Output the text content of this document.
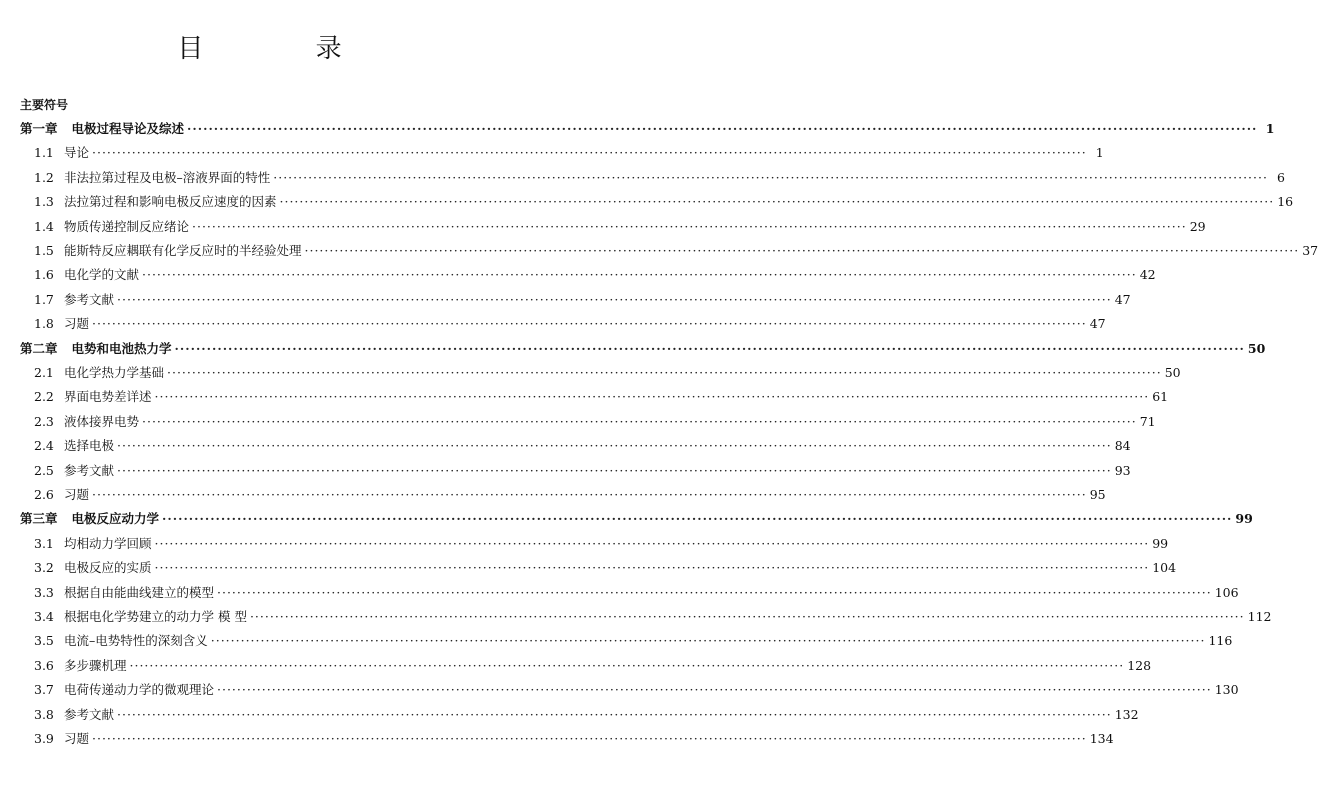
目 录
主要符号
第一章 电极过程导论及综述 ········································································································································································································ 1
1.1 导论 ········································································································································································································ 1
1.2 非法拉第过程及电极–溶液界面的特性 ········································································································································································································ 6
1.3 法拉第过程和影响电极反应速度的因素 ········································································································································································································ 16
1.4 物质传递控制反应绪论 ········································································································································································································ 29
1.5 能斯特反应耦联有化学反应时的半经验处理 ········································································································································································································ 37
1.6 电化学的文献 ········································································································································································································ 42
1.7 参考文献 ········································································································································································································ 47
1.8 习题 ········································································································································································································ 47
第二章 电势和电池热力学 ········································································································································································································ 50
2.1 电化学热力学基础 ········································································································································································································ 50
2.2 界面电势差详述 ········································································································································································································ 61
2.3 液体接界电势 ········································································································································································································ 71
2.4 选择电极 ········································································································································································································ 84
2.5 参考文献 ········································································································································································································ 93
2.6 习题 ········································································································································································································ 95
第三章 电极反应动力学 ········································································································································································································ 99
3.1 均相动力学回顾 ········································································································································································································ 99
3.2 电极反应的实质 ········································································································································································································ 104
3.3 根据自由能曲线建立的模型 ········································································································································································································ 106
3.4 根据电化学势建立的动力学 模 型 ········································································································································································································ 112
3.5 电流–电势特性的深刻含义 ········································································································································································································ 116
3.6 多步骤机理 ········································································································································································································ 128
3.7 电荷传递动力学的微观理论 ········································································································································································································ 130
3.8 参考文献 ········································································································································································································ 132
3.9 习题 ········································································································································································································ 134
